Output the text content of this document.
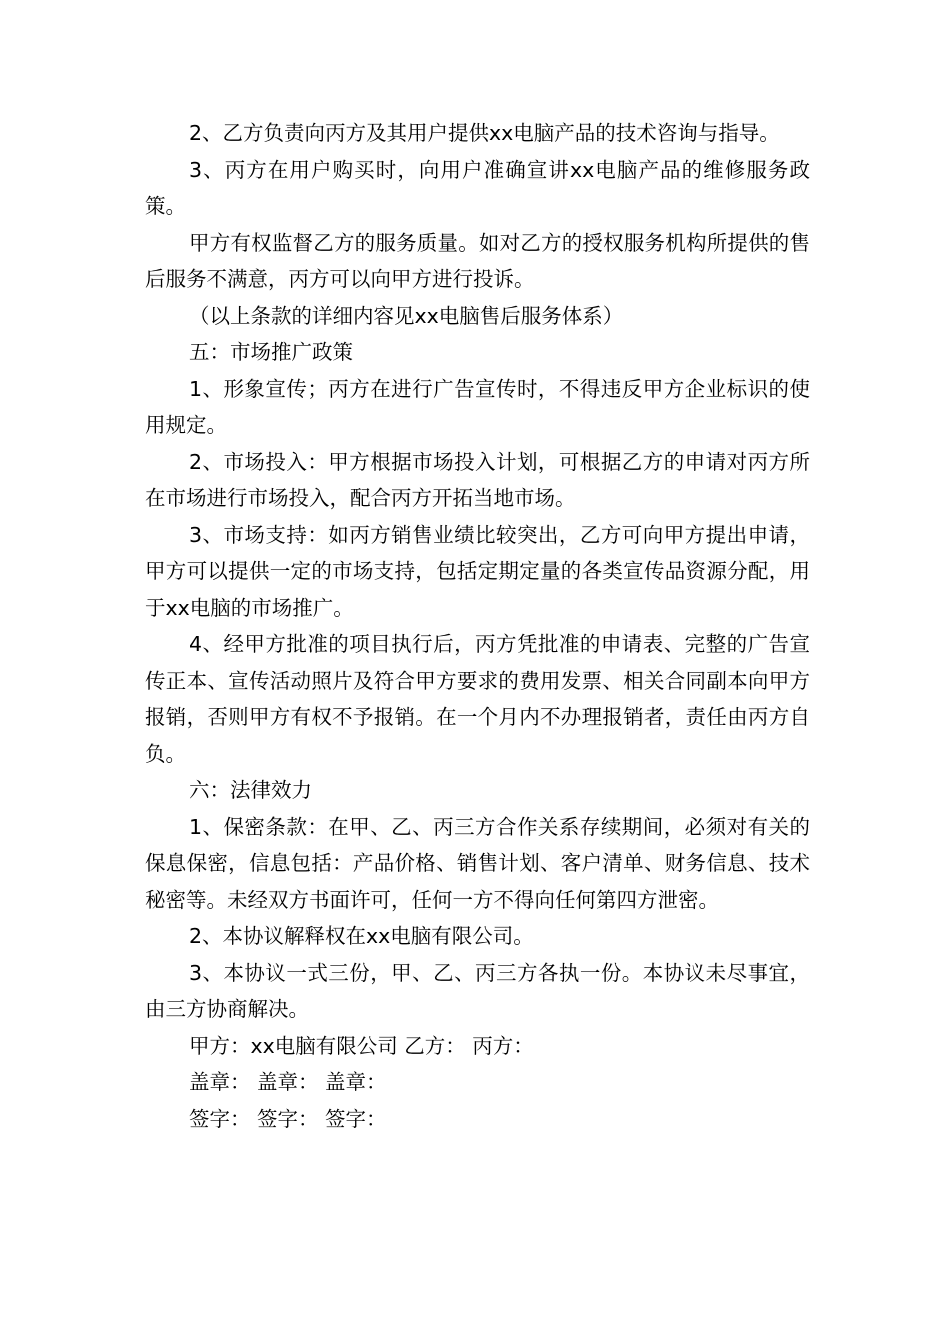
2、乙方负责向丙方及其用户提供xx电脑产品的技术咨询与指导。

3、丙方在用户购买时，向用户准确宣讲xx电脑产品的维修服务政策。

甲方有权监督乙方的服务质量。如对乙方的授权服务机构所提供的售后服务不满意，丙方可以向甲方进行投诉。

（以上条款的详细内容见xx电脑售后服务体系）

五：市场推广政策

1、形象宣传；丙方在进行广告宣传时，不得违反甲方企业标识的使用规定。

2、市场投入：甲方根据市场投入计划，可根据乙方的申请对丙方所在市场进行市场投入，配合丙方开拓当地市场。

3、市场支持：如丙方销售业绩比较突出，乙方可向甲方提出申请，甲方可以提供一定的市场支持，包括定期定量的各类宣传品资源分配，用于xx电脑的市场推广。

4、经甲方批准的项目执行后，丙方凭批准的申请表、完整的广告宣传正本、宣传活动照片及符合甲方要求的费用发票、相关合同副本向甲方报销，否则甲方有权不予报销。在一个月内不办理报销者，责任由丙方自负。

六：法律效力

1、保密条款：在甲、乙、丙三方合作关系存续期间，必须对有关的保息保密，信息包括：产品价格、销售计划、客户清单、财务信息、技术秘密等。未经双方书面许可，任何一方不得向任何第四方泄密。

2、本协议解释权在xx电脑有限公司。

3、本协议一式三份，甲、乙、丙三方各执一份。本协议未尽事宜，由三方协商解决。

甲方：xx电脑有限公司 乙方： 丙方：

盖章： 盖章： 盖章：

签字： 签字： 签字：
